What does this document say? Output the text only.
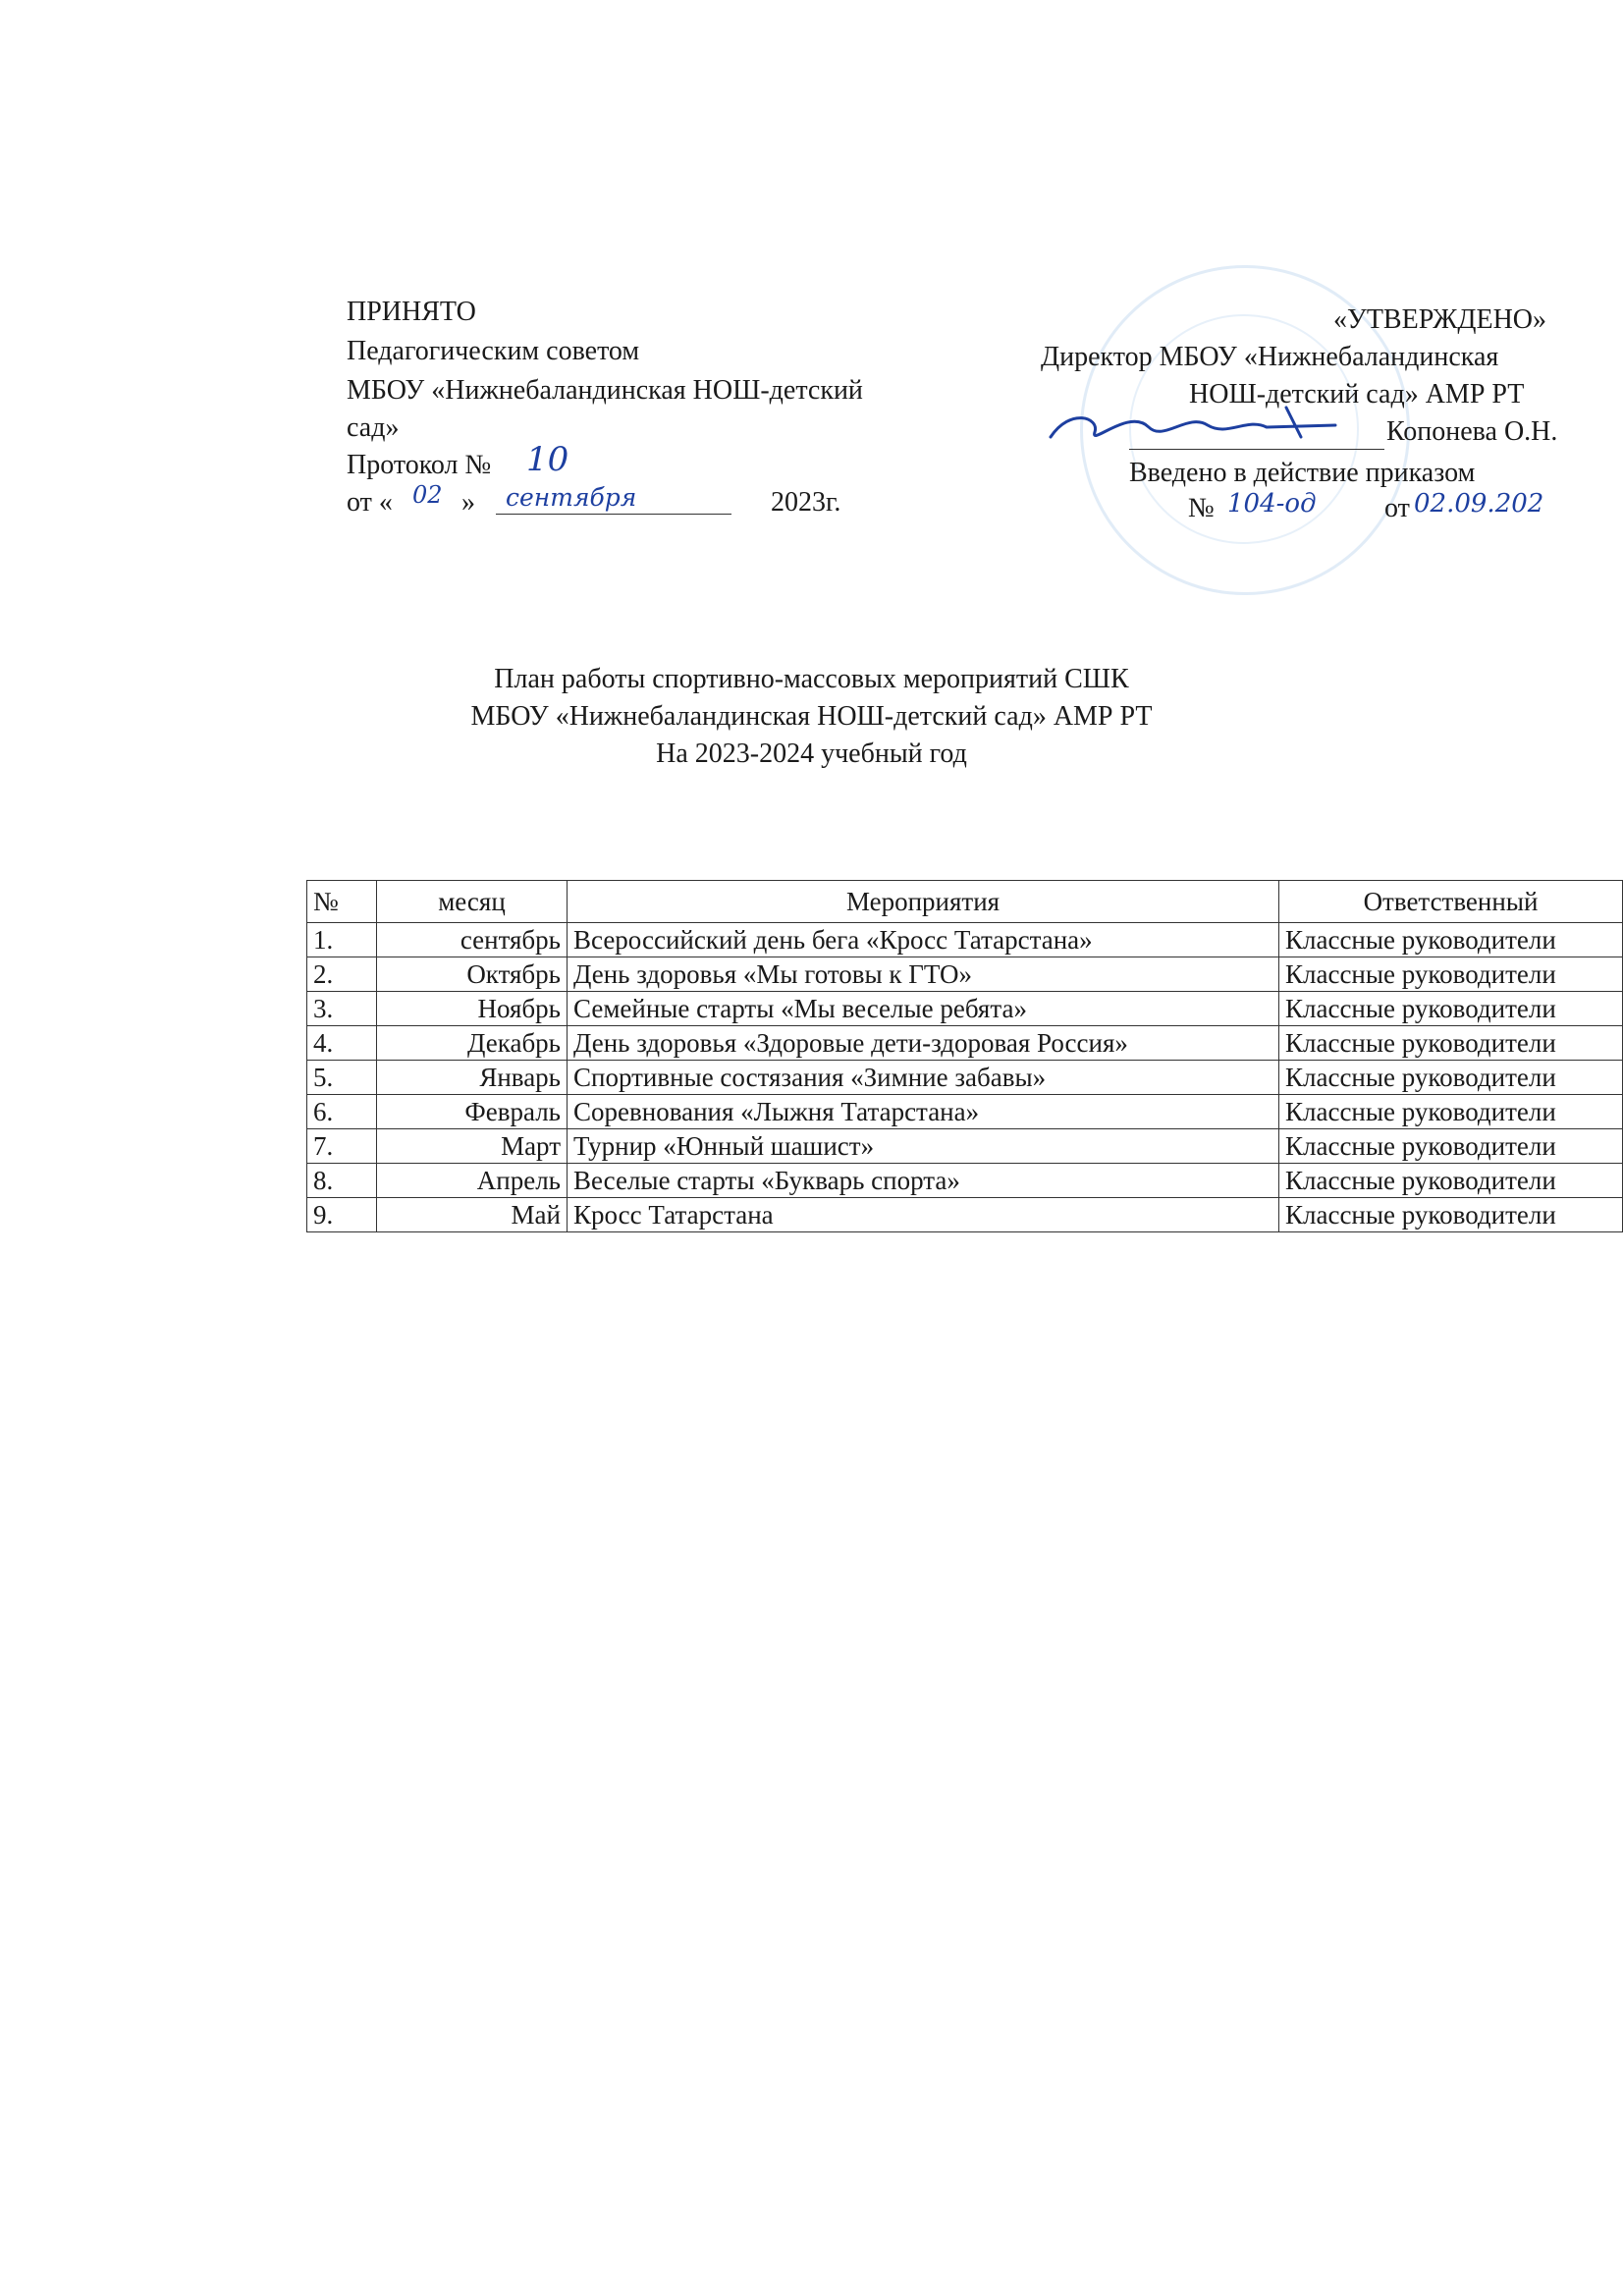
ПРИНЯТО
Педагогическим советом
МБОУ «Нижнебаландинская НОШ-детский
сад»
Протокол № 10
от « 02 » сентября	2023г.
«УТВЕРЖДЕНО»
Директор МБОУ «Нижнебаландинская
НОШ-детский сад» АМР РТ
Копонева О.Н.
Введено в действие приказом
№ 104-од от 02.09.202
План работы спортивно-массовых мероприятий СШК
МБОУ «Нижнебаландинская НОШ-детский сад» АМР РТ
На 2023-2024 учебный год
№	месяц	Мероприятия	Ответственный
1.	сентябрь	Всероссийский день бега «Кросс Татарстана»	Классные руководители
2.	Октябрь	День здоровья «Мы готовы к ГТО»	Классные руководители
3.	Ноябрь	Семейные старты «Мы веселые ребята»	Классные руководители
4.	Декабрь	День здоровья «Здоровые дети-здоровая Россия»	Классные руководители
5.	Январь	Спортивные состязания «Зимние забавы»	Классные руководители
6.	Февраль	Соревнования «Лыжня Татарстана»	Классные руководители
7.	Март	Турнир «Юнный шашист»	Классные руководители
8.	Апрель	Веселые старты «Букварь спорта»	Классные руководители
9.	Май	Кросс Татарстана	Классные руководители
